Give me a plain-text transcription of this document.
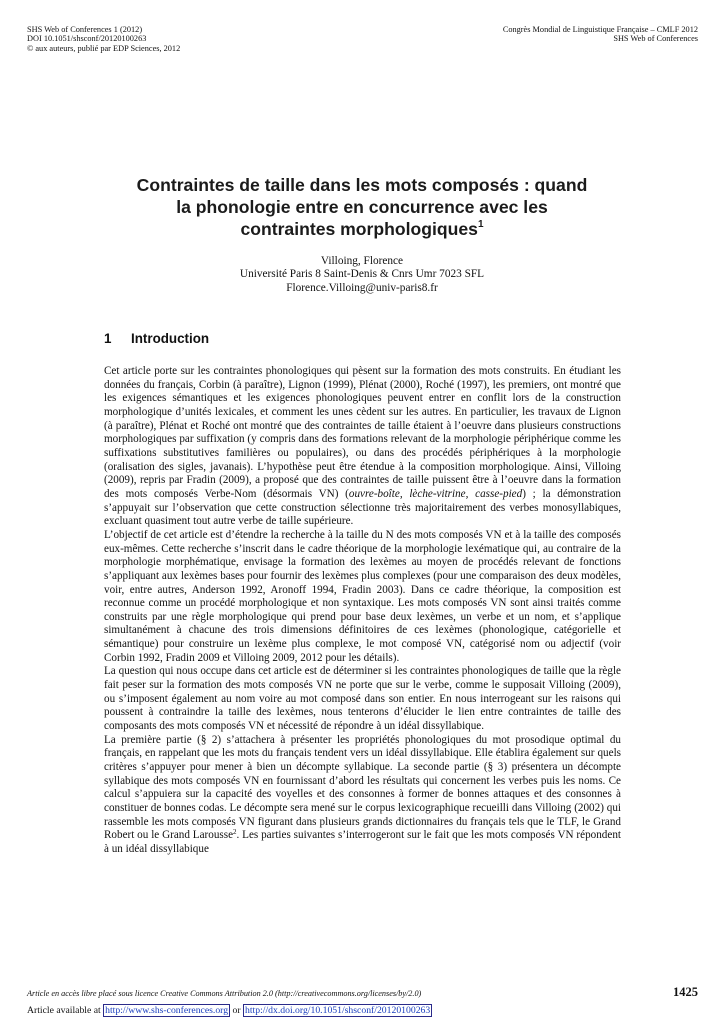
SHS Web of Conferences 1 (2012)
DOI 10.1051/shsconf/20120100263
© aux auteurs, publié par EDP Sciences, 2012
Congrès Mondial de Linguistique Française – CMLF 2012
SHS Web of Conferences
Contraintes de taille dans les mots composés : quand
la phonologie entre en concurrence avec les
contraintes morphologiques$^1$
Villoing, Florence
Université Paris 8 Saint-Denis & Cnrs Umr 7023 SFL
Florence.Villoing@univ-paris8.fr
1 Introduction

Cet article porte sur les contraintes phonologiques qui pèsent sur la formation des mots construits. En étudiant les données du français, Corbin (à paraître), Lignon (1999), Plénat (2000), Roché (1997), les premiers, ont montré que les exigences sémantiques et les exigences phonologiques peuvent entrer en conflit lors de la construction morphologique d’unités lexicales, et comment les unes cèdent sur les autres. En particulier, les travaux de Lignon (à paraître), Plénat et Roché ont montré que des contraintes de taille étaient à l’oeuvre dans plusieurs constructions morphologiques par suffixation (y compris dans des formations relevant de la morphologie périphérique comme les suffixations substitutives familières ou populaires), ou dans des procédés périphériques à la morphologie (oralisation des sigles, javanais). L’hypothèse peut être étendue à la composition morphologique. Ainsi, Villoing (2009), repris par Fradin (2009), a proposé que des contraintes de taille puissent être à l’oeuvre dans la formation des mots composés Verbe-Nom (désormais VN) (ouvre-boîte, lèche-vitrine, casse-pied) ; la démonstration s’appuyait sur l’observation que cette construction sélectionne très majoritairement des verbes monosyllabiques, excluant quasiment tout autre verbe de taille supérieure.

L’objectif de cet article est d’étendre la recherche à la taille du N des mots composés VN et à la taille des composés eux-mêmes. Cette recherche s’inscrit dans le cadre théorique de la morphologie lexématique qui, au contraire de la morphologie morphématique, envisage la formation des lexèmes au moyen de procédés relevant de fonctions s’appliquant aux lexèmes bases pour fournir des lexèmes plus complexes (pour une comparaison des deux modèles, voir, entre autres, Anderson 1992, Aronoff 1994, Fradin 2003). Dans ce cadre théorique, la composition est reconnue comme un procédé morphologique et non syntaxique. Les mots composés VN sont ainsi traités comme construits par une règle morphologique qui prend pour base deux lexèmes, un verbe et un nom, et s’applique simultanément à chacune des trois dimensions définitoires de ces lexèmes (phonologique, catégorielle et sémantique) pour construire un lexème plus complexe, le mot composé VN, catégorisé nom ou adjectif (voir Corbin 1992, Fradin 2009 et Villoing 2009, 2012 pour les détails).

La question qui nous occupe dans cet article est de déterminer si les contraintes phonologiques de taille que la règle fait peser sur la formation des mots composés VN ne porte que sur le verbe, comme le supposait Villoing (2009), ou s’imposent également au nom voire au mot composé dans son entier. En nous interrogeant sur les raisons qui poussent à contraindre la taille des lexèmes, nous tenterons d’élucider le lien entre contraintes de taille des composants des mots composés VN et nécessité de répondre à un idéal dissyllabique.

La première partie (§ 2) s’attachera à présenter les propriétés phonologiques du mot prosodique optimal du français, en rappelant que les mots du français tendent vers un idéal dissyllabique. Elle établira également sur quels critères s’appuyer pour mener à bien un décompte syllabique. La seconde partie (§ 3) présentera un décompte syllabique des mots composés VN en fournissant d’abord les résultats qui concernent les verbes puis les noms. Ce calcul s’appuiera sur la capacité des voyelles et des consonnes à former de bonnes attaques et des consonnes à constituer de bonnes codas. Le décompte sera mené sur le corpus lexicographique recueilli dans Villoing (2002) qui rassemble les mots composés VN figurant dans plusieurs grands dictionnaires du français tels que le TLF, le Grand Robert ou le Grand Larousse$^2$. Les parties suivantes s’interrogeront sur le fait que les mots composés VN répondent à un idéal dissyllabique

Article en accès libre placé sous licence Creative Commons Attribution 2.0 (http://creativecommons.org/licenses/by/2.0)	1425
Article available at http://www.shs-conferences.org or http://dx.doi.org/10.1051/shsconf/20120100263
